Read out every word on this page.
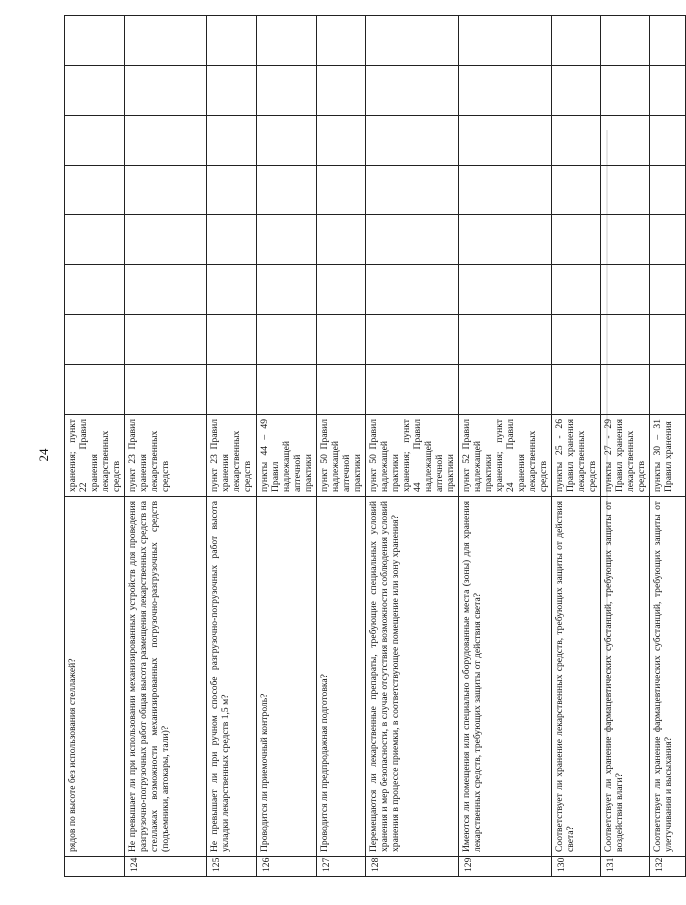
24
	рядов по высоте без использования стеллажей?	хранения; пункт 22 Правил хранения лекарственных средств								
124	Не превышает ли при использовании механизированных устройств для проведения разгрузочно-погрузочных работ общая высота размещения лекарственных средств на стеллажах возможности механизированных погрузочно-разгрузочных средств (подъемники, автокары, тали)?	пункт 23 Правил хранения лекарственных средств								
125	Не превышает ли при ручном способе разгрузочно-погрузочных работ высота укладки лекарственных средств 1,5 м?	пункт 23 Правил хранения лекарственных средств								
126	Проводится ли приемочный контроль?	пункты 44 – 49 Правил надлежащей аптечной практики								
127	Проводится ли предпродажная подготовка?	пункт 50 Правил надлежащей аптечной практики								
128	Перемещаются ли лекарственные препараты, требующие специальных условий хранения и мер безопасности, в случае отсутствия возможности соблюдения условий хранения в процессе приемки, в соответствующее помещение или зону хранения?	пункт 50 Правил надлежащей практики хранения; пункт 44 Правил надлежащей аптечной практики								
129	Имеются ли помещения или специально оборудованные места (зоны) для хранения лекарственных средств, требующих защиты от действия света?	пункт 52 Правил надлежащей практики хранения; пункт 24 Правил хранения лекарственных средств								
130	Соответствует ли хранение лекарственных средств, требующих защиты от действия света?	пункты 25 - 26 Правил хранения лекарственных средств								
131	Соответствует ли хранение фармацевтических субстанций, требующих защиты от воздействия влаги?	пункты 27 - 29 Правил хранения лекарственных средств								
132	Соответствует ли хранение фармацевтических субстанций, требующих защиты от улетучивания и высыхания?	пункты 30 – 31 Правил хранения								
